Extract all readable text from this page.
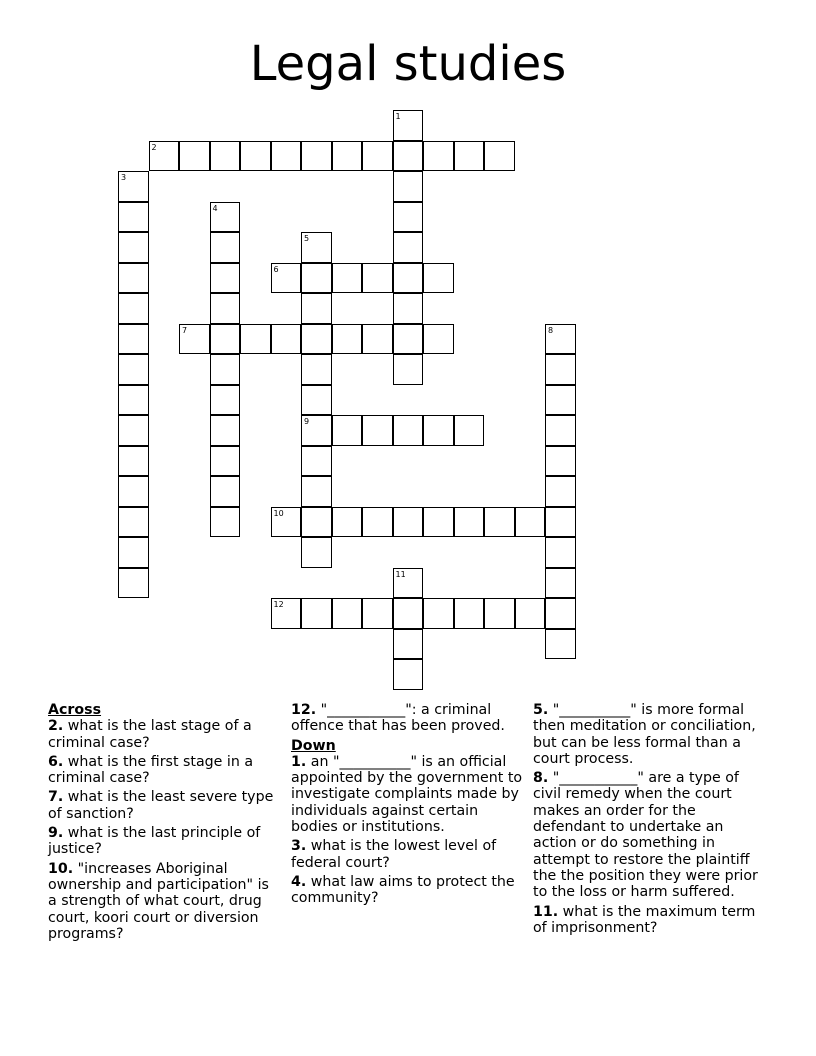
Legal studies
1
2
3
4
5
9
6
7	8
10
11
12
Across
2. what is the last stage of a criminal case?
6. what is the first stage in a criminal case?
7. what is the least severe type of sanction?
9. what is the last principle of justice?
10. "increases Aboriginal ownership and participation" is a strength of what court, drug court, koori court or diversion programs?
12. "___________": a criminal offence that has been proved.
Down
1. an "__________" is an official appointed by the government to investigate complaints made by individuals against certain bodies or institutions.
3. what is the lowest level of federal court?
4. what law aims to protect the community?
5. "__________" is more formal then meditation or conciliation, but can be less formal than a court process.
8. "___________" are a type of civil remedy when the court makes an order for the defendant to undertake an action or do something in attempt to restore the plaintiff the the position they were prior to the loss or harm suffered.
11. what is the maximum term of imprisonment?
